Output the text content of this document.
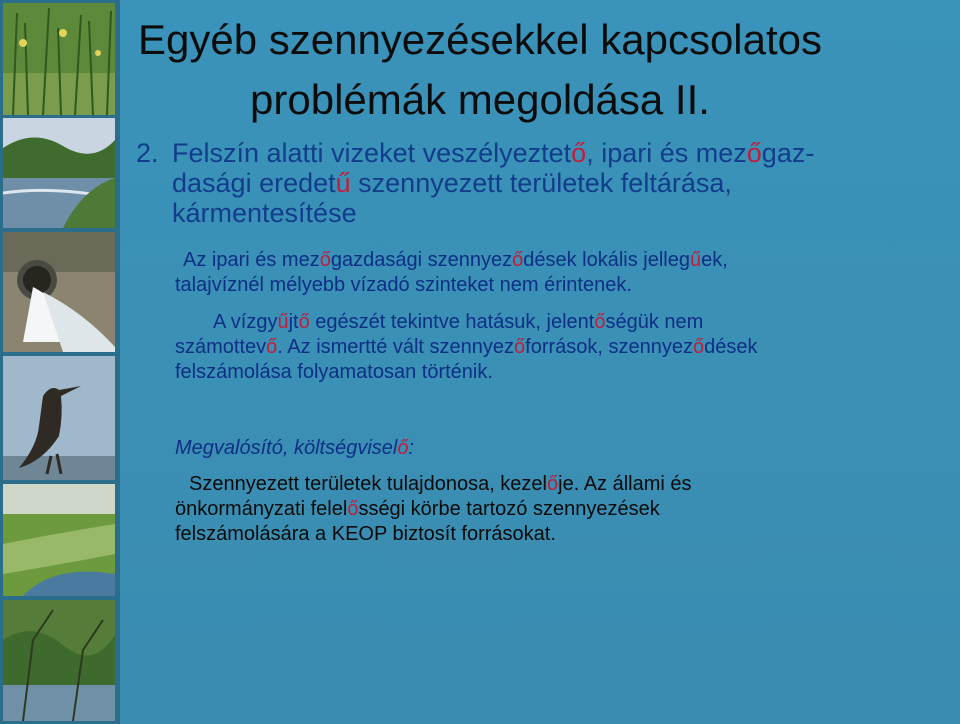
Egyéb szennyezésekkel kapcsolatos
problémák megoldása II.
2. Felszín alatti vizeket veszélyeztető, ipari és mezőgaz-
dasági eredetű szennyezett területek feltárása,
kármentesítése
Az ipari és mezőgazdasági szennyeződések lokális jellegűek,
talajvíznél mélyebb vízadó szinteket nem érintenek.
A vízgyűjtő egészét tekintve hatásuk, jelentőségük nem
számottevő. Az ismertté vált szennyezőforrások, szennyeződések
felszámolása folyamatosan történik.
Megvalósító, költségviselő:
Szennyezett területek tulajdonosa, kezelője. Az állami és
önkormányzati felelősségi körbe tartozó szennyezések
felszámolására a KEOP biztosít forrásokat.
